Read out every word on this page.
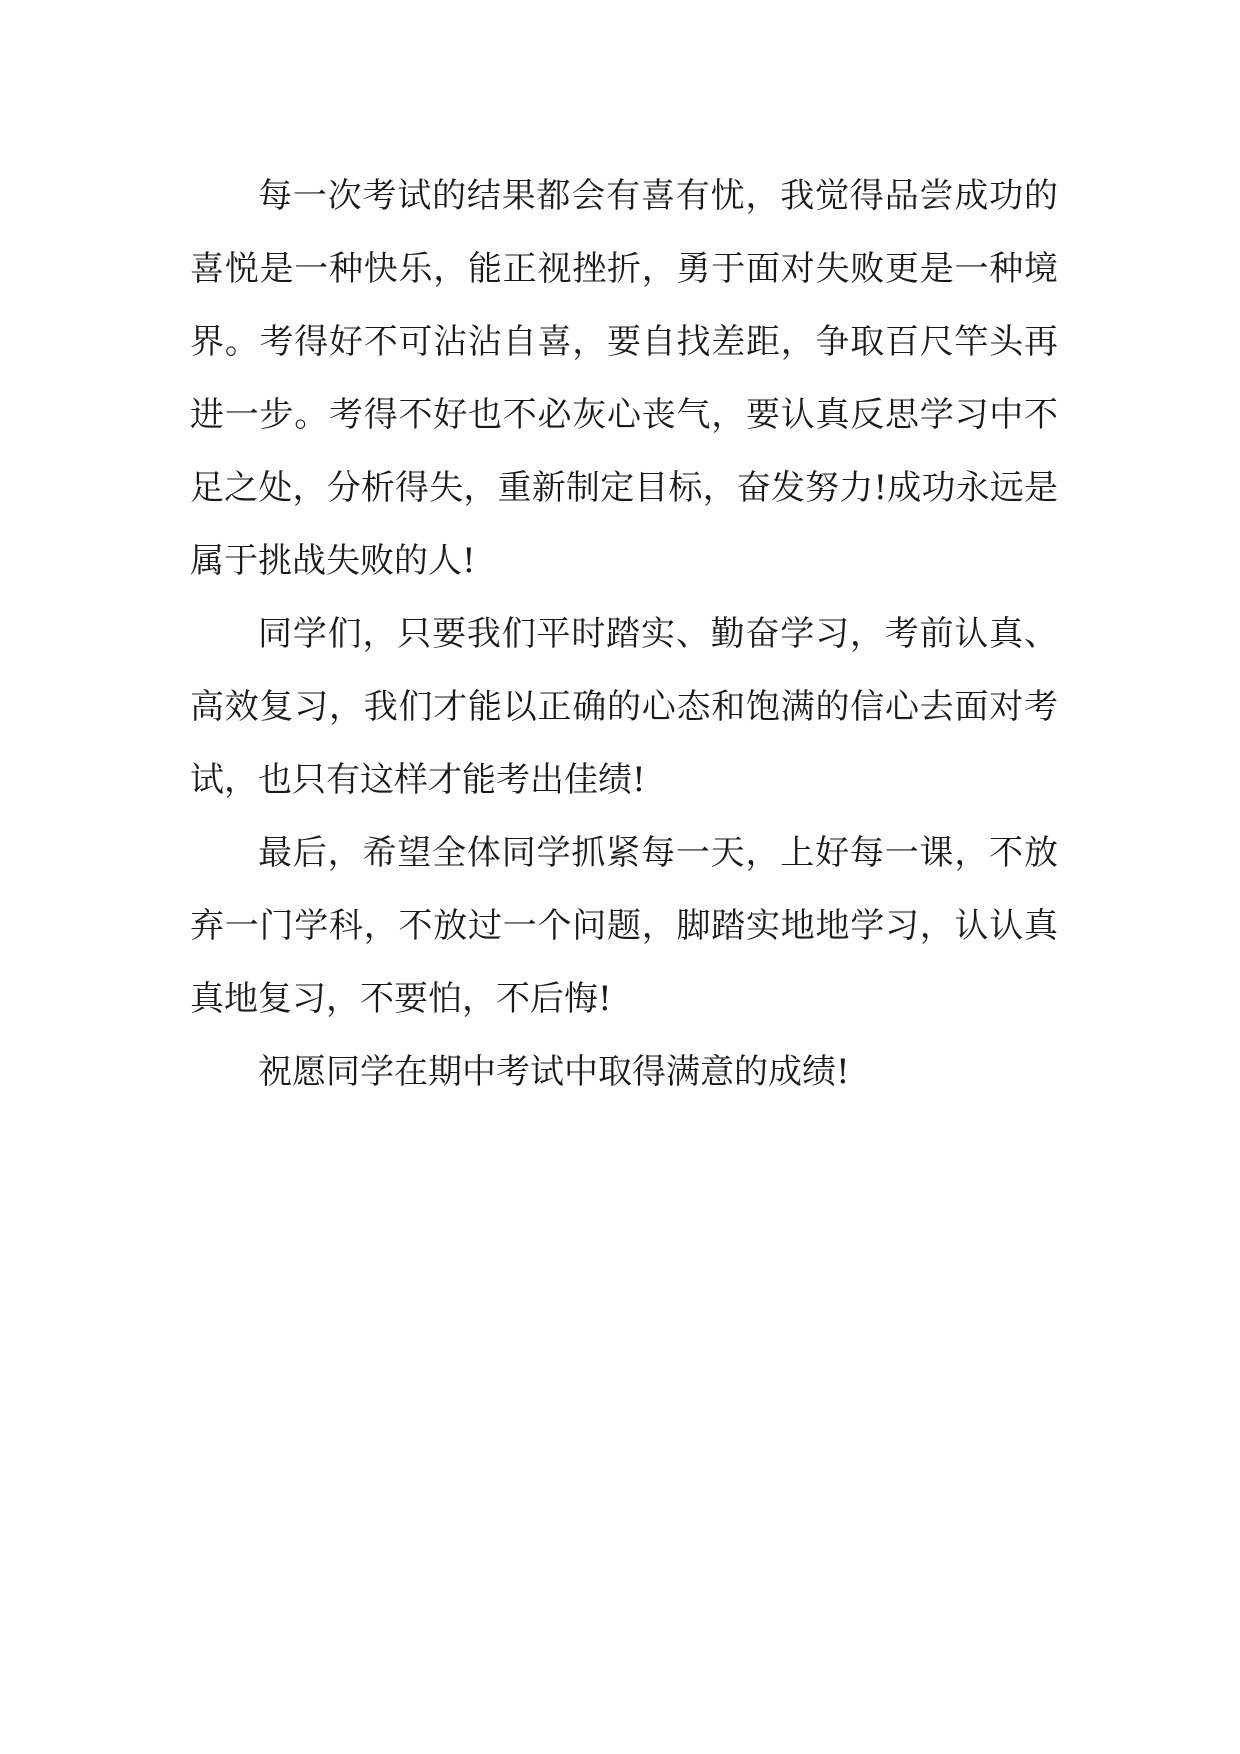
每一次考试的结果都会有喜有忧，我觉得品尝成功的
喜悦是一种快乐，能正视挫折，勇于面对失败更是一种境
界。考得好不可沾沾自喜，要自找差距，争取百尺竿头再
进一步。考得不好也不必灰心丧气，要认真反思学习中不
足之处，分析得失，重新制定目标，奋发努力!成功永远是
属于挑战失败的人!
同学们，只要我们平时踏实、勤奋学习，考前认真、
高效复习，我们才能以正确的心态和饱满的信心去面对考
试，也只有这样才能考出佳绩!
最后，希望全体同学抓紧每一天，上好每一课，不放
弃一门学科，不放过一个问题，脚踏实地地学习，认认真
真地复习，不要怕，不后悔!
祝愿同学在期中考试中取得满意的成绩!
